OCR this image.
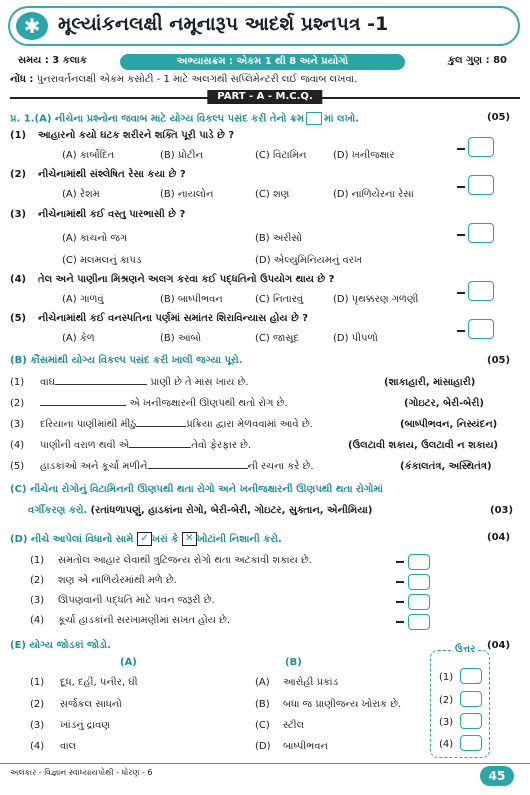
✱ મૂલ્યાંકનલક્ષી નમૂનારૂપ આદર્શ પ્રશ્નપત્ર -1
સમય : 3 કલાક	અભ્યાસક્રમ : એકમ 1 થી 8 અને પ્રયોગો	કુલ ગુણ : 80
નોંધ : પુનરાવર્તનલક્ષી એકમ કસોટી - 1 માટે અલગથી સપ્લિમેન્ટરી લઈ જવાબ લખવા.
PART - A - M.C.Q.
પ્ર. 1.(A) નીચેના પ્રશ્નોના જવાબ માટે યોગ્ય વિકલ્પ પસંદ કરી તેનો ક્રમ માં લખો.	(05)
(1) આહારનો કયો ઘટક શરીરને શક્તિ પૂરી પાડે છે ?
(A) કાર્બોદિત	(B) પ્રોટીન	(C) વિટામિન	(D) ખનીજક્ષાર
(2) નીચેનામાંથી સંશ્લેષિત રેસા કયા છે ?
(A) રેશમ	(B) નાયલોન	(C) શણ	(D) નાળિયેરના રેસા
(3) નીચેનામાંથી કઈ વસ્તુ પારભાસી છે ?
(A) કાચનો જગ	(B) અરીસો
(C) મલમલનું કાપડ	(D) એલ્યુમિનિયમનું વરખ
(4) તેલ અને પાણીના મિશ્રણને અલગ કરવા કઈ પદ્ધતિનો ઉપયોગ થાય છે ?
(A) ગાળવું	(B) બાષ્પીભવન	(C) નિતારવું	(D) પૃથક્કરણ ગળણી
(5) નીચેનામાંથી કઈ વનસ્પતિના પર્ણમાં સમાંતર શિરાવિન્યાસ હોય છે ?
(A) કેળ	(B) આંબો	(C) જાસૂદ	(D) પીપળો
(B) કૌંસમાંથી યોગ્ય વિકલ્પ પસંદ કરી ખાલી જગ્યા પૂરો.	(05)
(1) વાઘ	પ્રાણી છે તે માંસ ખાય છે.	(શાકાહારી, માંસાહારી)
(2)	એ ખનીજક્ષારની ઊણપથી થતો રોગ છે.	(ગોઇટર, બેરી-બેરી)
(3) દરિયાના પાણીમાંથી મીઠું	પ્રક્રિયા દ્વારા મેળવવામાં આવે છે.	(બાષ્પીભવન, નિસ્યંદન)
(4) પાણીની વરાળ થવી એ	તેવો ફેરફાર છે.	(ઉલટાવી શકાય, ઉલટાવી ન શકાય)
(5) હાડકાંઓ અને કૂર્ચા મળીને	ની રચના કરે છે.	(કંકાલતંત્ર, અસ્થિતંત્ર)
(C) નીચેના રોગોનું વિટામિનની ઊણપથી થતા રોગો અને ખનીજક્ષારની ઊણપથી થતા રોગોમાં
વર્ગીકરણ કરો. (રતાંધળાપણું, હાડકાંના રોગો, બેરી-બેરી, ગોઇટર, સુક્તાન, એનીમિયા)	(03)
(D) નીચે આપેલાં વિધાનો સામે ✓ ખરાં કે ✕ ખોટાંની નિશાની કરો.	(04)
(1) સમતોલ આહાર લેવાથી ત્રુટિજન્ય રોગો થતા અટકાવી શકાય છે.
(2) શણ એ નાળિયેરમાંથી મળે છે.
(3) ઊપણવાની પદ્ધતિ માટે પવન જરૂરી છે.
(4) કૂર્ચા હાડકાંની સરખામણીમાં સખત હોય છે.
(E) યોગ્ય જોડકાં જોડો.	(04)
(A)	(B)
ઉત્તર
(1) દૂધ, દહીં, પનીર, ઘી	(A) આરોહી પ્રકાંડ	(1)
(2) સર્જકલ સાધનો	(B) બધા જ પ્રાણીજન્ય ખોરાક છે.	(2)
(3) ખાંડનું દ્રાવણ	(C) સ્ટીલ	(3)
(4) વાલ	(D) બાષ્પીભવન	(4)
અલંકાર - વિજ્ઞાન સ્વાધ્યાયપોથી - ધોરણ - 6	45
